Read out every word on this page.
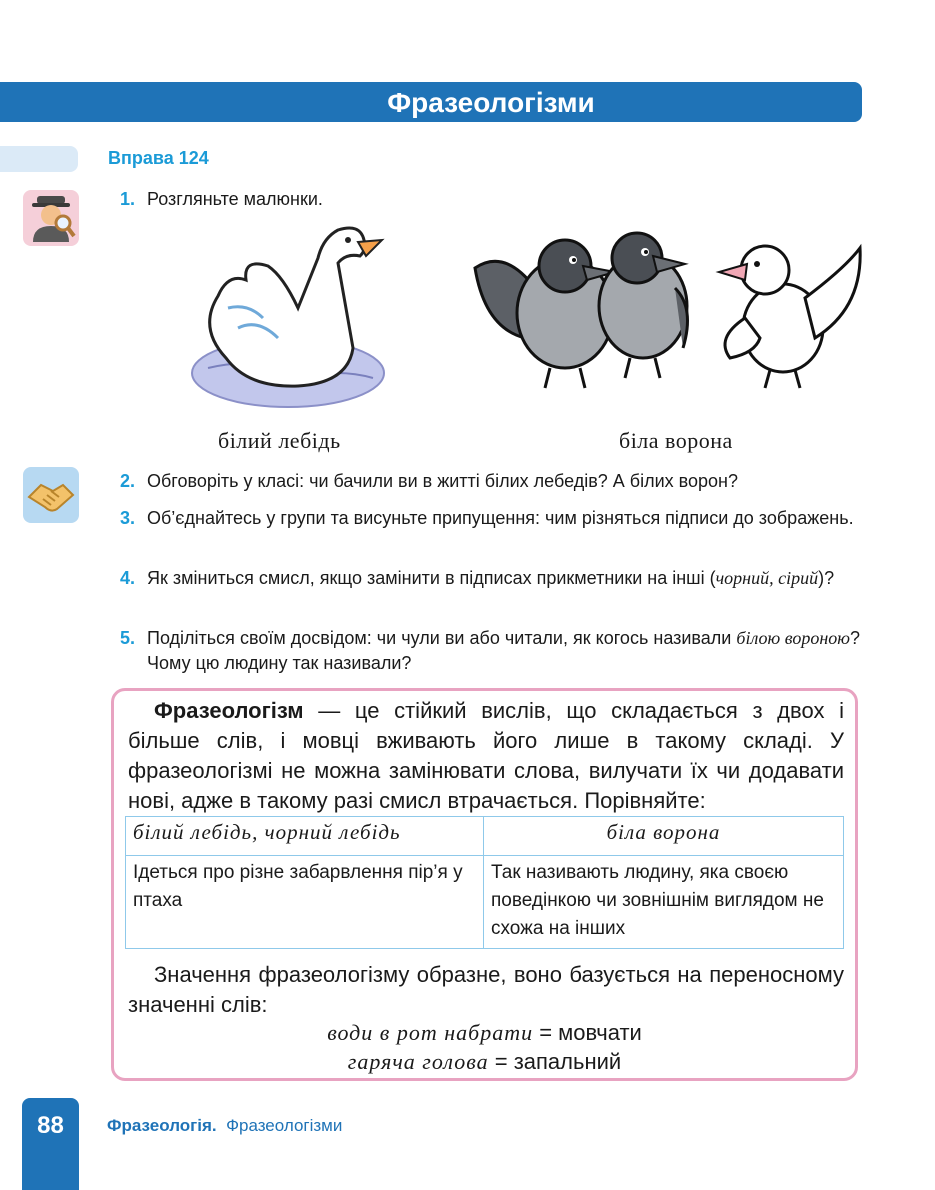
Фразеологізми
Вправа 124
1. Розгляньте малюнки.
білий лебідь	біла ворона
2. Обговоріть у класі: чи бачили ви в житті білих лебедів? А білих ворон?
3. Об’єднайтесь у групи та висуньте припущення: чим різняться підписи до зображень.
4. Як зміниться смисл, якщо замінити в підписах прикметники на інші (чорний, сірий)?
5. Поділіться своїм досвідом: чи чули ви або читали, як когось називали білою вороною? Чому цю людину так називали?
Фразеологізм — це стійкий вислів, що складається з двох і більше слів, і мовці вживають його лише в такому складі. У фразеологізмі не можна замінювати слова, вилучати їх чи додавати нові, адже в такому разі смисл втрачається. Порівняйте:
білий лебідь, чорний лебідь	біла ворона
Ідеться про різне забарвлення пір’я у птаха	Так називають людину, яка своєю поведінкою чи зовнішнім виглядом не схожа на інших
Значення фразеологізму образне, воно базується на переносному значенні слів:
води в рот набрати = мовчати
гаряча голова = запальний
88	Фразеологія. Фразеологізми
